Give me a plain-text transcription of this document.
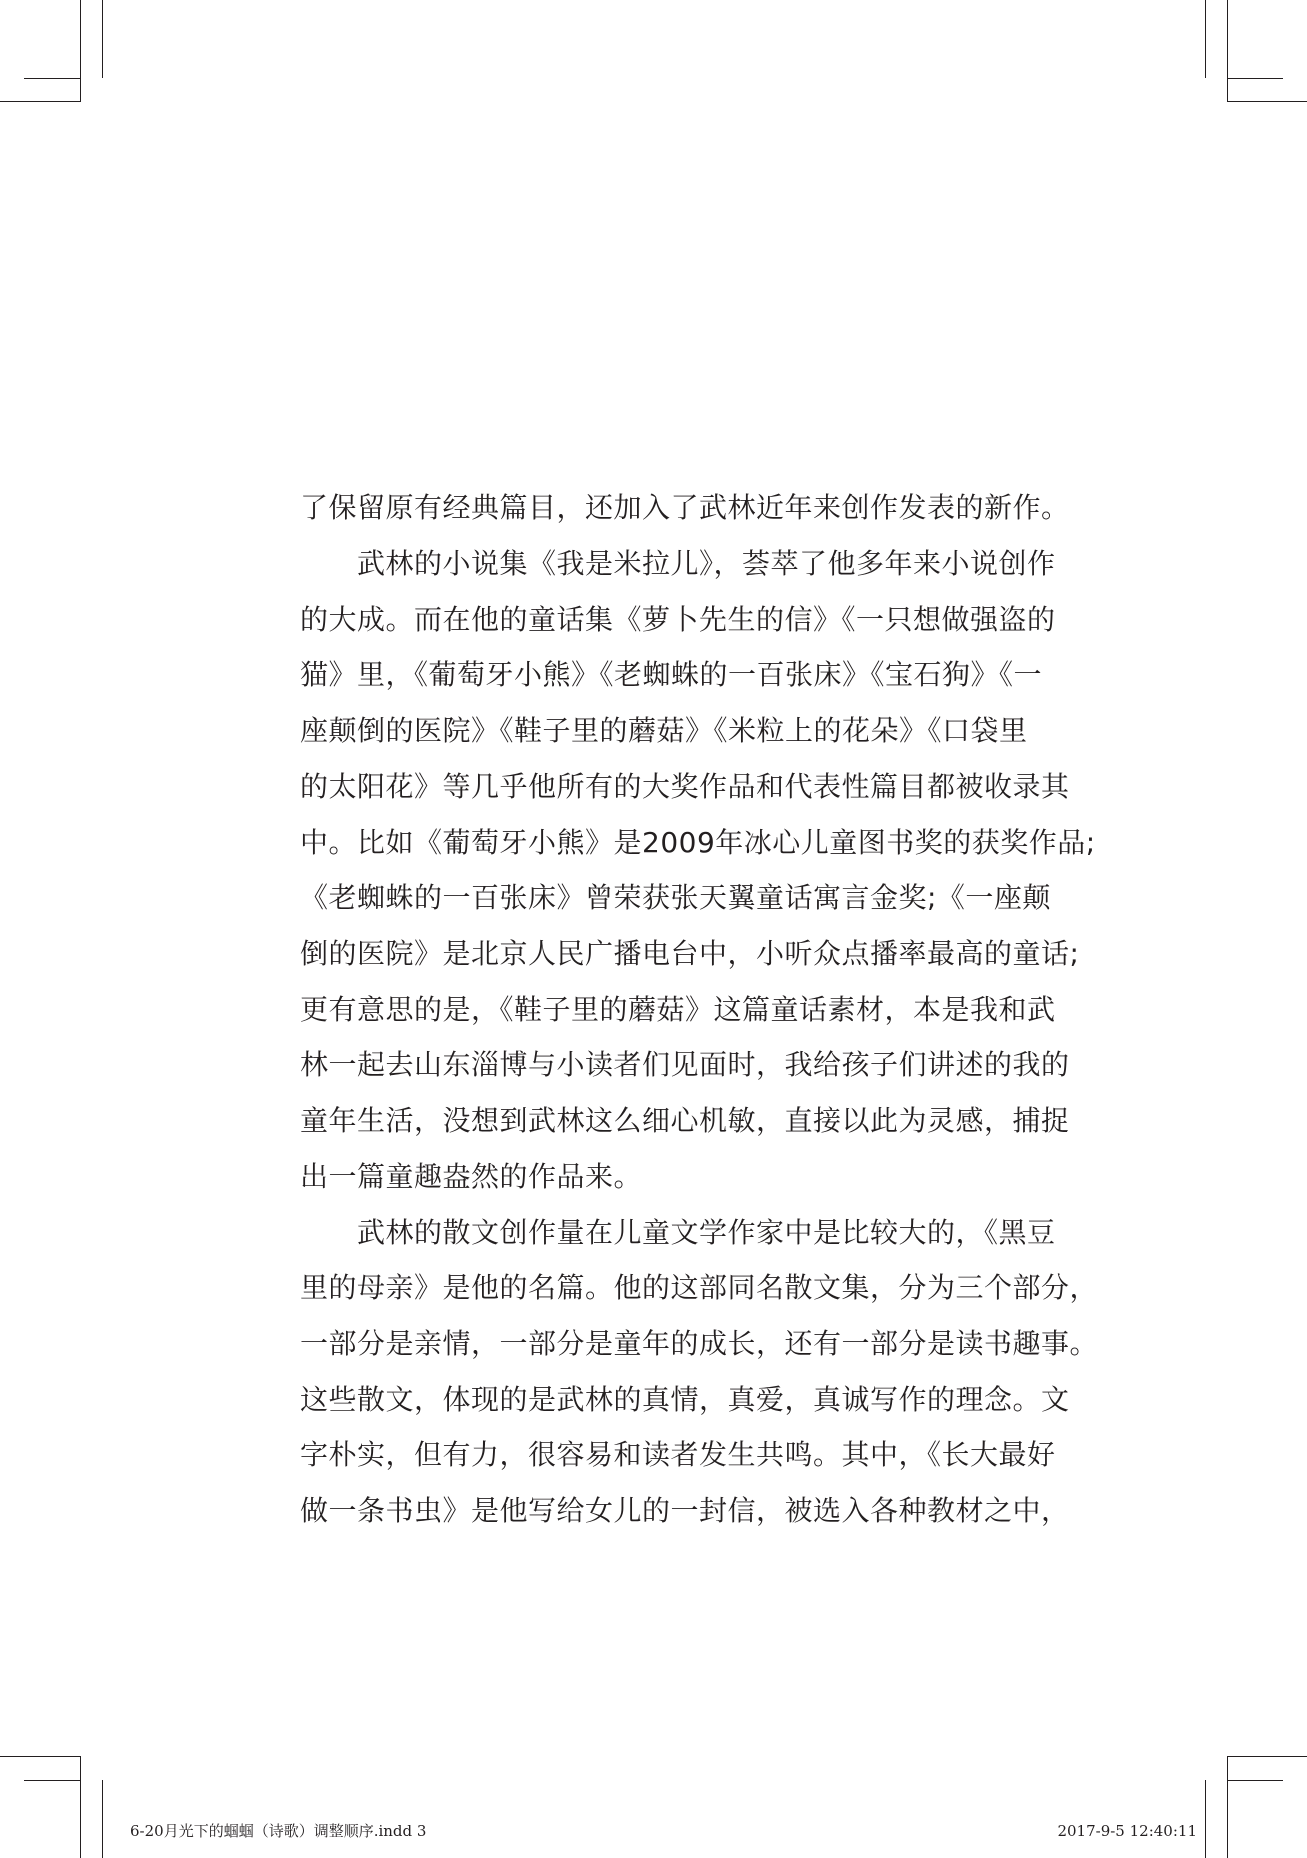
了保留原有经典篇目，还加入了武林近年来创作发表的新作。
　　武林的小说集《我是米拉儿》，荟萃了他多年来小说创作
的大成。而在他的童话集《萝卜先生的信》《一只想做强盗的
猫》里，《葡萄牙小熊》《老蜘蛛的一百张床》《宝石狗》《一
座颠倒的医院》《鞋子里的蘑菇》《米粒上的花朵》《口袋里
的太阳花》等几乎他所有的大奖作品和代表性篇目都被收录其
中。比如《葡萄牙小熊》是2009年冰心儿童图书奖的获奖作品;
《老蜘蛛的一百张床》曾荣获张天翼童话寓言金奖;《一座颠
倒的医院》是北京人民广播电台中，小听众点播率最高的童话;
更有意思的是，《鞋子里的蘑菇》这篇童话素材，本是我和武
林一起去山东淄博与小读者们见面时，我给孩子们讲述的我的
童年生活，没想到武林这么细心机敏，直接以此为灵感，捕捉
出一篇童趣盎然的作品来。
　　武林的散文创作量在儿童文学作家中是比较大的，《黑豆
里的母亲》是他的名篇。他的这部同名散文集，分为三个部分，
一部分是亲情，一部分是童年的成长，还有一部分是读书趣事。
这些散文，体现的是武林的真情，真爱，真诚写作的理念。文
字朴实，但有力，很容易和读者发生共鸣。其中，《长大最好
做一条书虫》是他写给女儿的一封信，被选入各种教材之中，
6-20月光下的蝈蝈（诗歌）调整顺序.indd 3	2017-9-5 12:40:11
